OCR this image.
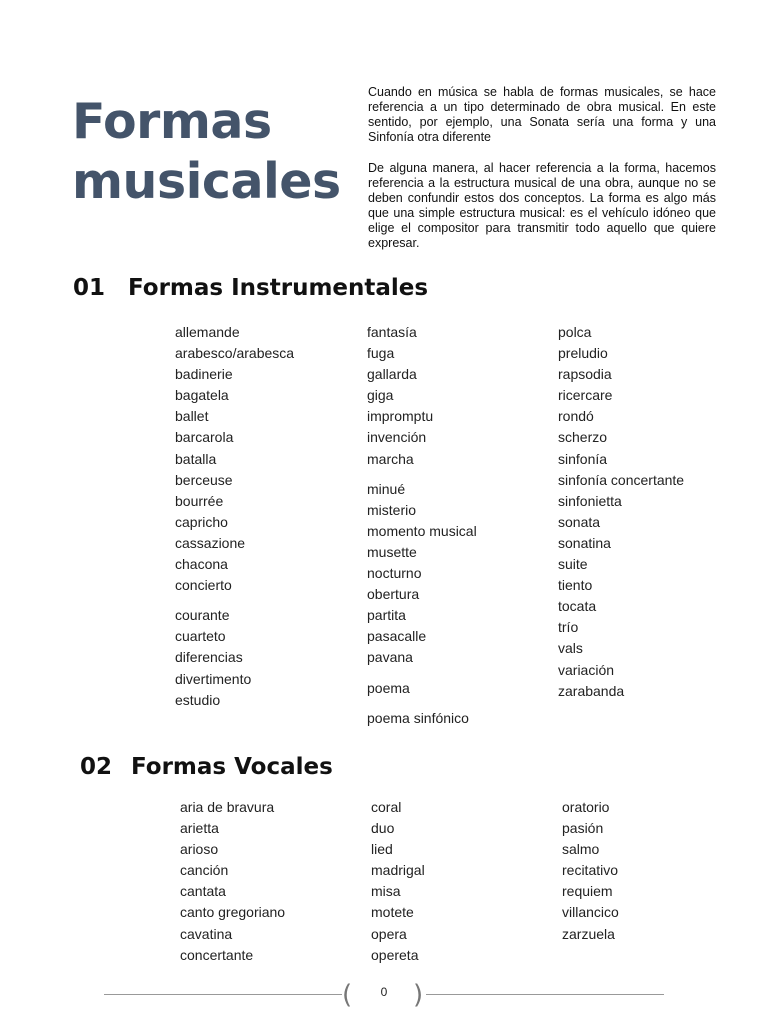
Formas
musicales

Cuando en música se habla de formas musicales, se hace referencia a un tipo determinado de obra musical. En este sentido, por ejemplo, una Sonata sería una forma y una Sinfonía otra diferente

De alguna manera, al hacer referencia a la forma, hacemos referencia a la estructura musical de una obra, aunque no se deben confundir estos dos conceptos. La forma es algo más que una simple estructura musical: es el vehículo idóneo que elige el compositor para transmitir todo aquello que quiere expresar.

01 Formas Instrumentales
allemande
arabesco/arabesca
badinerie
bagatela
ballet
barcarola
batalla
berceuse
bourrée
capricho
cassazione
chacona
concierto
courante
cuarteto
diferencias
divertimento
estudio
fantasía
fuga
gallarda
giga
impromptu
invención
marcha
minué
misterio
momento musical
musette
nocturno
obertura
partita
pasacalle
pavana
poema
poema sinfónico
polca
preludio
rapsodia
ricercare
rondó
scherzo
sinfonía
sinfonía concertante
sinfonietta
sonata
sonatina
suite
tiento
tocata
trío
vals
variación
zarabanda
02 Formas Vocales
aria de bravura
arietta
arioso
canción
cantata
canto gregoriano
cavatina
concertante
coral
duo
lied
madrigal
misa
motete
opera
opereta
oratorio
pasión
salmo
recitativo
requiem
villancico
zarzuela
(	0 )
